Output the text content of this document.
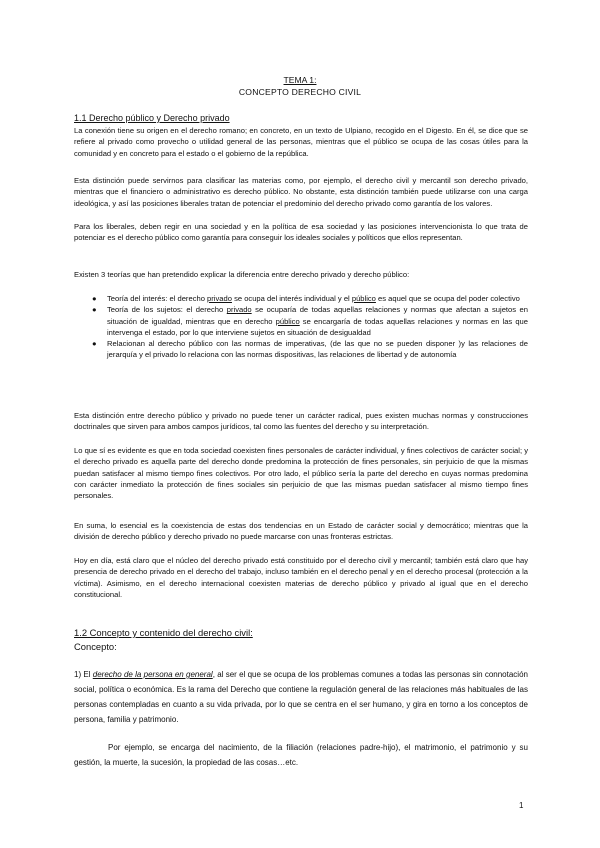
TEMA 1:
CONCEPTO DERECHO CIVIL
1.1 Derecho público y Derecho privado
La conexión tiene su origen en el derecho romano; en concreto, en un texto de Ulpiano, recogido en el Digesto. En él, se dice que se refiere al privado como provecho o utilidad general de las personas, mientras que el público se ocupa de las cosas útiles para la comunidad y en concreto para el estado o el gobierno de la república.
Esta distinción puede servirnos para clasificar las materias como, por ejemplo, el derecho civil y mercantil son derecho privado, mientras que el financiero o administrativo es derecho público. No obstante, esta distinción también puede utilizarse con una carga ideológica, y así las posiciones liberales tratan de potenciar el predominio del derecho privado como garantía de los valores.
Para los liberales, deben regir en una sociedad y en la política de esa sociedad y las posiciones intervencionista lo que trata de potenciar es el derecho público como garantía para conseguir los ideales sociales y políticos que ellos representan.
Existen 3 teorías que han pretendido explicar la diferencia entre derecho privado y derecho público:
● Teoría del interés: el derecho privado se ocupa del interés individual y el público es aquel que se ocupa del poder colectivo
● Teoría de los sujetos: el derecho privado se ocuparía de todas aquellas relaciones y normas que afectan a sujetos en situación de igualdad, mientras que en derecho público se encargaría de todas aquellas relaciones y normas en las que intervenga el estado, por lo que interviene sujetos en situación de desigualdad
● Relacionan al derecho público con las normas de imperativas, (de las que no se pueden disponer )y las relaciones de jerarquía y el privado lo relaciona con las normas dispositivas, las relaciones de libertad y de autonomía
Esta distinción entre derecho público y privado no puede tener un carácter radical, pues existen muchas normas y construcciones doctrinales que sirven para ambos campos jurídicos, tal como las fuentes del derecho y su interpretación.
Lo que sí es evidente es que en toda sociedad coexisten fines personales de carácter individual, y fines colectivos de carácter social; y el derecho privado es aquella parte del derecho donde predomina la protección de fines personales, sin perjuicio de que la mismas puedan satisfacer al mismo tiempo fines colectivos. Por otro lado, el público sería la parte del derecho en cuyas normas predomina con carácter inmediato la protección de fines sociales sin perjuicio de que las mismas puedan satisfacer al mismo tiempo fines personales.
En suma, lo esencial es la coexistencia de estas dos tendencias en un Estado de carácter social y democrático; mientras que la división de derecho público y derecho privado no puede marcarse con unas fronteras estrictas.
Hoy en día, está claro que el núcleo del derecho privado está constituido por el derecho civil y mercantil; también está claro que hay presencia de derecho privado en el derecho del trabajo, incluso también en el derecho penal y en el derecho procesal (protección a la víctima). Asimismo, en el derecho internacional coexisten materias de derecho público y privado al igual que en el derecho constitucional.
1.2 Concepto y contenido del derecho civil:
Concepto:
1) El derecho de la persona en general, al ser el que se ocupa de los problemas comunes a todas las personas sin connotación social, política o económica. Es la rama del Derecho que contiene la regulación general de las relaciones más habituales de las personas contempladas en cuanto a su vida privada, por lo que se centra en el ser humano, y gira en torno a los conceptos de persona, familia y patrimonio.
Por ejemplo, se encarga del nacimiento, de la filiación (relaciones padre-hijo), el matrimonio, el patrimonio y su gestión, la muerte, la sucesión, la propiedad de las cosas…etc.
1
